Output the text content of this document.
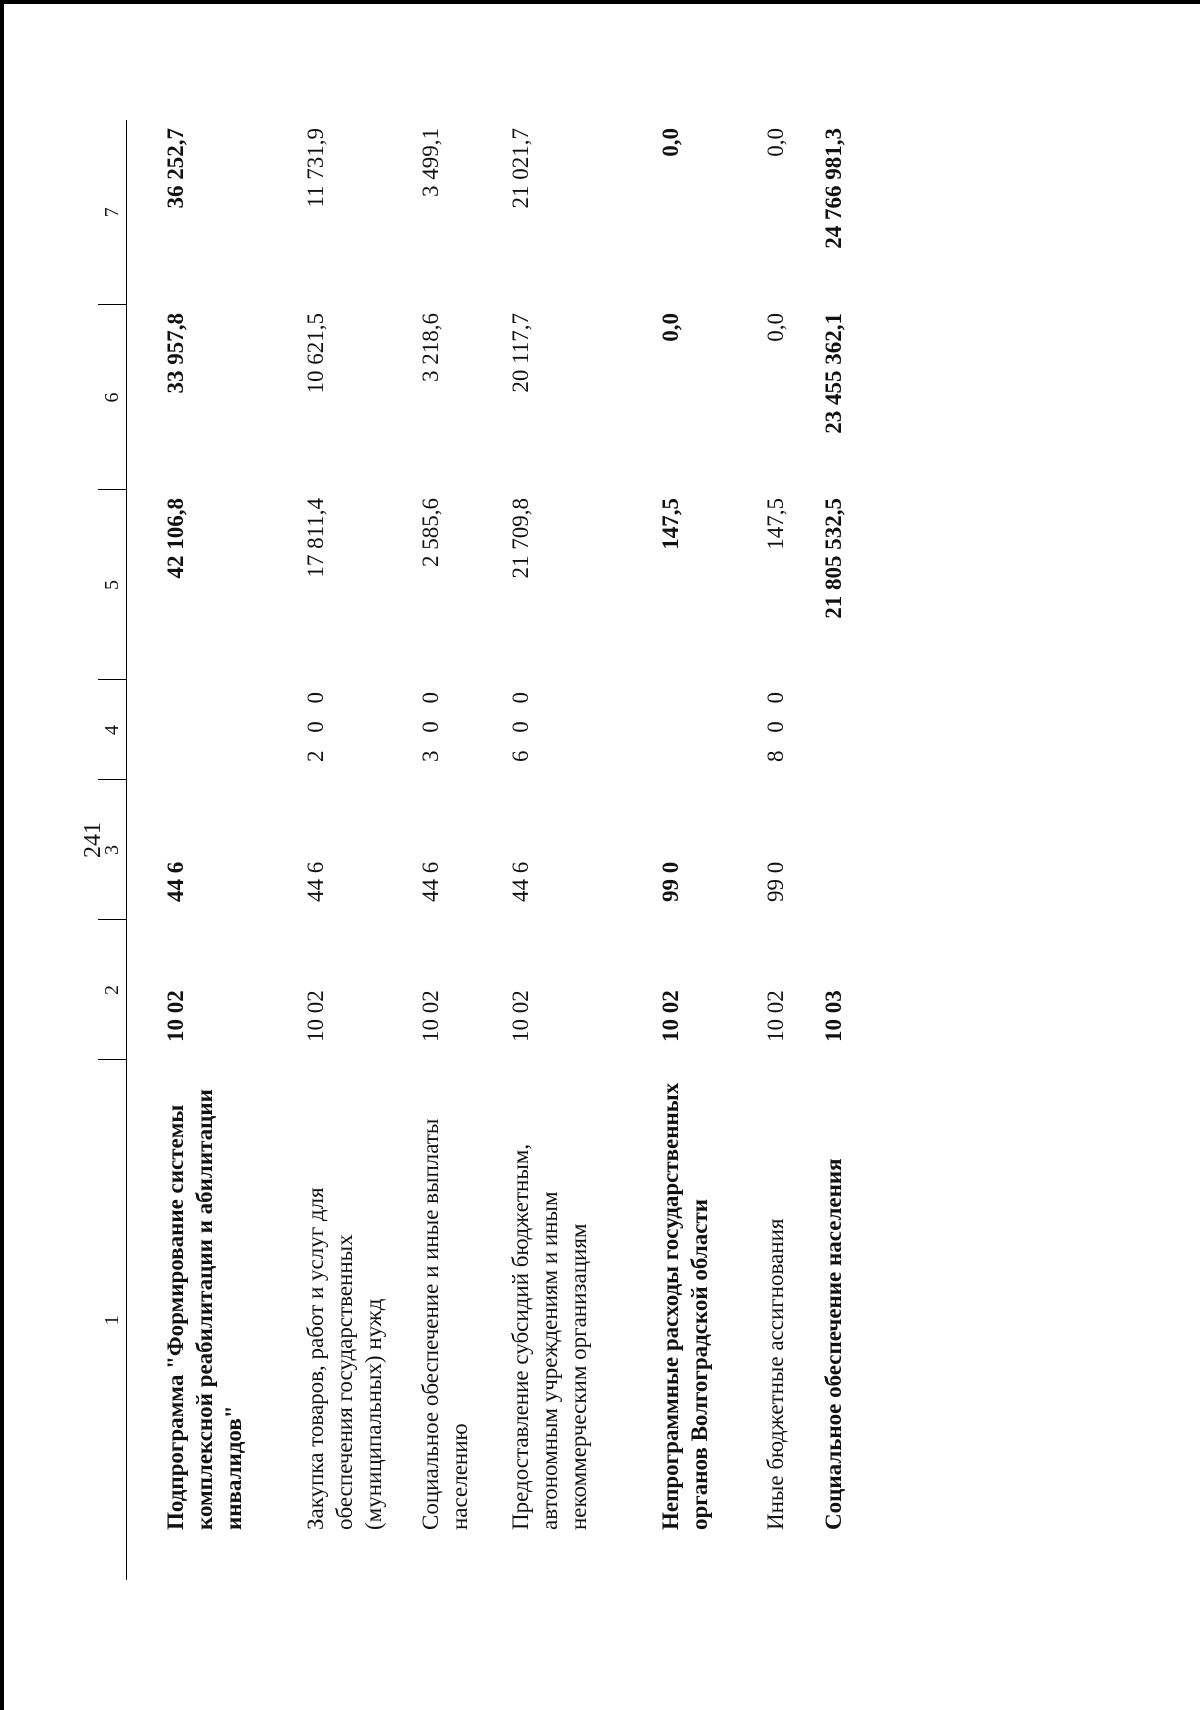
241
1	2	3	4	5	6	7
Подпрограмма "Формирование системы комплексной реабилитации и абилитации инвалидов"	10 02	44 6		42 106,8	33 957,8	36 252,7
Закупка товаров, работ и услуг для обеспечения государственных (муниципальных) нужд	10 02	44 6	2 0 0	17 811,4	10 621,5	11 731,9
Социальное обеспечение и иные выплаты населению	10 02	44 6	3 0 0	2 585,6	3 218,6	3 499,1
Предоставление субсидий бюджетным, автономным учреждениям и иным некоммерческим организациям	10 02	44 6	6 0 0	21 709,8	20 117,7	21 021,7
Непрограммные расходы государственных органов Волгоградской области	10 02	99 0		147,5	0,0	0,0
Иные бюджетные ассигнования	10 02	99 0	8 0 0	147,5	0,0	0,0
Социальное обеспечение населения	10 03			21 805 532,5	23 455 362,1	24 766 981,3
